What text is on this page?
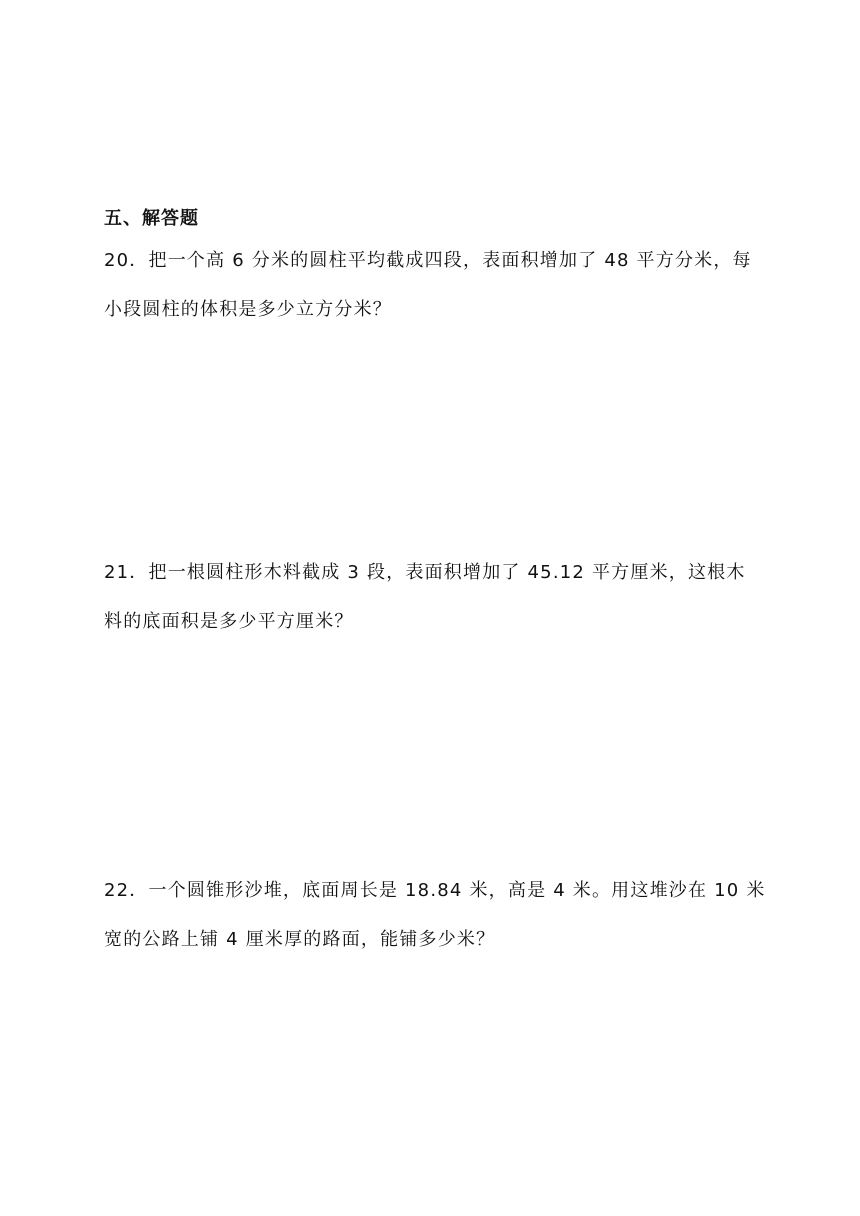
五、解答题
20．把一个高 6 分米的圆柱平均截成四段，表面积增加了 48 平方分米，每
小段圆柱的体积是多少立方分米？
21．把一根圆柱形木料截成 3 段，表面积增加了 45.12 平方厘米，这根木
料的底面积是多少平方厘米？
22．一个圆锥形沙堆，底面周长是 18.84 米，高是 4 米。用这堆沙在 10 米
宽的公路上铺 4 厘米厚的路面，能铺多少米？
